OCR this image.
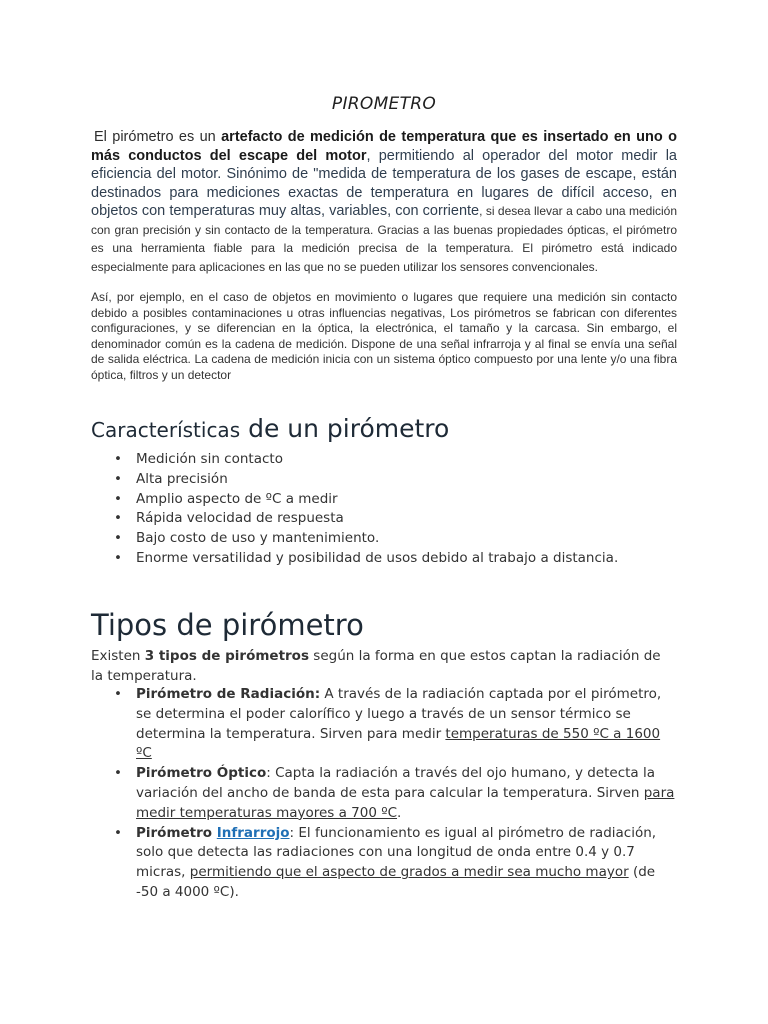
PIROMETRO
El pirómetro es un artefacto de medición de temperatura que es insertado en uno o más conductos del escape del motor, permitiendo al operador del motor medir la eficiencia del motor. Sinónimo de "medida de temperatura de los gases de escape, están destinados para mediciones exactas de temperatura en lugares de difícil acceso, en objetos con temperaturas muy altas, variables, con corriente, si desea llevar a cabo una medición con gran precisión y sin contacto de la temperatura. Gracias a las buenas propiedades ópticas, el pirómetro es una herramienta fiable para la medición precisa de la temperatura. El pirómetro está indicado especialmente para aplicaciones en las que no se pueden utilizar los sensores convencionales.
Así, por ejemplo, en el caso de objetos en movimiento o lugares que requiere una medición sin contacto debido a posibles contaminaciones u otras influencias negativas, Los pirómetros se fabrican con diferentes configuraciones, y se diferencian en la óptica, la electrónica, el tamaño y la carcasa. Sin embargo, el denominador común es la cadena de medición. Dispone de una señal infrarroja y al final se envía una señal de salida eléctrica. La cadena de medición inicia con un sistema óptico compuesto por una lente y/o una fibra óptica, filtros y un detector
Características de un pirómetro
• Medición sin contacto
• Alta precisión
• Amplio aspecto de ºC a medir
• Rápida velocidad de respuesta
• Bajo costo de uso y mantenimiento.
• Enorme versatilidad y posibilidad de usos debido al trabajo a distancia.
Tipos de pirómetro
Existen 3 tipos de pirómetros según la forma en que estos captan la radiación de la temperatura.
• Pirómetro de Radiación: A través de la radiación captada por el pirómetro, se determina el poder calorífico y luego a través de un sensor térmico se determina la temperatura. Sirven para medir temperaturas de 550 ºC a 1600 ºC
• Pirómetro Óptico: Capta la radiación a través del ojo humano, y detecta la variación del ancho de banda de esta para calcular la temperatura. Sirven para medir temperaturas mayores a 700 ºC.
• Pirómetro Infrarrojo: El funcionamiento es igual al pirómetro de radiación, solo que detecta las radiaciones con una longitud de onda entre 0.4 y 0.7 micras, permitiendo que el aspecto de grados a medir sea mucho mayor (de -50 a 4000 ºC).
